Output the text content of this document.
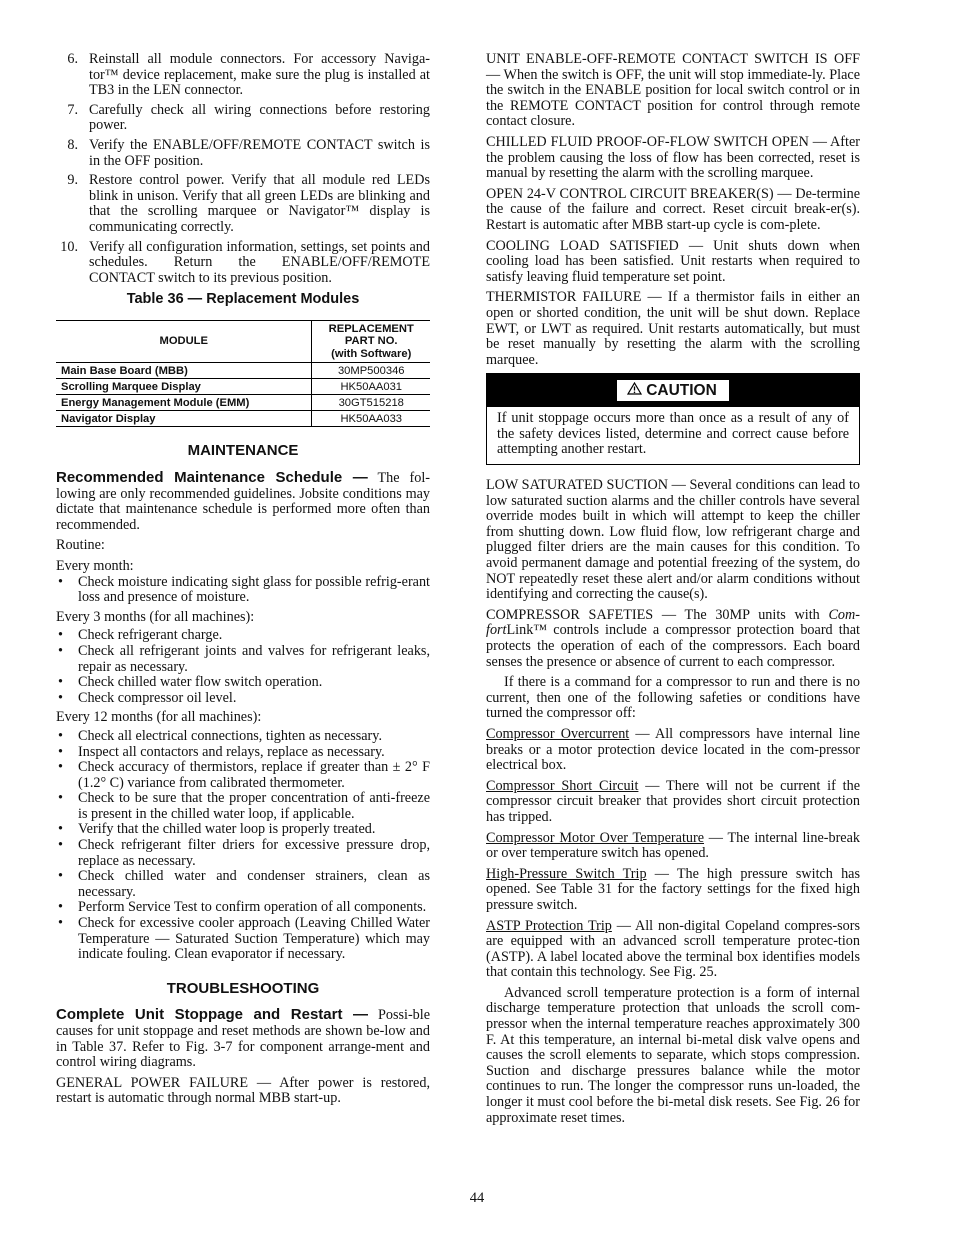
6. Reinstall all module connectors. For accessory Naviga-tor™ device replacement, make sure the plug is installed at TB3 in the LEN connector.
7. Carefully check all wiring connections before restoring power.
8. Verify the ENABLE/OFF/REMOTE CONTACT switch is in the OFF position.
9. Restore control power. Verify that all module red LEDs blink in unison. Verify that all green LEDs are blinking and that the scrolling marquee or Navigator™ display is communicating correctly.
10. Verify all configuration information, settings, set points and schedules. Return the ENABLE/OFF/REMOTE CONTACT switch to its previous position.
Table 36 — Replacement Modules
MODULE	REPLACEMENT
PART NO.
(with Software)

Main Base Board (MBB)	30MP500346
Scrolling Marquee Display	HK50AA031
Energy Management Module (EMM)	30GT515218
Navigator Display	HK50AA033
MAINTENANCE

Recommended Maintenance Schedule — The fol-lowing are only recommended guidelines. Jobsite conditions may dictate that maintenance schedule is performed more often than recommended.

Routine:

Every month:

• Check moisture indicating sight glass for possible refrig-erant loss and presence of moisture.

Every 3 months (for all machines):

• Check refrigerant charge.
• Check all refrigerant joints and valves for refrigerant leaks, repair as necessary.
• Check chilled water flow switch operation.
• Check compressor oil level.

Every 12 months (for all machines):

• Check all electrical connections, tighten as necessary.
• Inspect all contactors and relays, replace as necessary.
• Check accuracy of thermistors, replace if greater than ± 2° F (1.2° C) variance from calibrated thermometer.
• Check to be sure that the proper concentration of anti-freeze is present in the chilled water loop, if applicable.
• Verify that the chilled water loop is properly treated.
• Check refrigerant filter driers for excessive pressure drop, replace as necessary.
• Check chilled water and condenser strainers, clean as necessary.
• Perform Service Test to confirm operation of all components.
• Check for excessive cooler approach (Leaving Chilled Water Temperature — Saturated Suction Temperature) which may indicate fouling. Clean evaporator if necessary.
TROUBLESHOOTING

Complete Unit Stoppage and Restart — Possi-ble causes for unit stoppage and reset methods are shown be-low and in Table 37. Refer to Fig. 3-7 for component arrange-ment and control wiring diagrams.

GENERAL POWER FAILURE — After power is restored, restart is automatic through normal MBB start-up.

UNIT ENABLE-OFF-REMOTE CONTACT SWITCH IS OFF — When the switch is OFF, the unit will stop immediate-ly. Place the switch in the ENABLE position for local switch control or in the REMOTE CONTACT position for control through remote contact closure.

CHILLED FLUID PROOF-OF-FLOW SWITCH OPEN — After the problem causing the loss of flow has been corrected, reset is manual by resetting the alarm with the scrolling marquee.

OPEN 24-V CONTROL CIRCUIT BREAKER(S) — De-termine the cause of the failure and correct. Reset circuit break-er(s). Restart is automatic after MBB start-up cycle is com-plete.

COOLING LOAD SATISFIED — Unit shuts down when cooling load has been satisfied. Unit restarts when required to satisfy leaving fluid temperature set point.

THERMISTOR FAILURE — If a thermistor fails in either an open or shorted condition, the unit will be shut down. Replace EWT, or LWT as required. Unit restarts automatically, but must be reset manually by resetting the alarm with the scrolling marquee.

CAUTION
If unit stoppage occurs more than once as a result of any of the safety devices listed, determine and correct cause before attempting another restart.

LOW SATURATED SUCTION — Several conditions can lead to low saturated suction alarms and the chiller controls have several override modes built in which will attempt to keep the chiller from shutting down. Low fluid flow, low refrigerant charge and plugged filter driers are the main causes for this condition. To avoid permanent damage and potential freezing of the system, do NOT repeatedly reset these alert and/or alarm conditions without identifying and correcting the cause(s).

COMPRESSOR SAFETIES — The 30MP units with Com-fortLink™ controls include a compressor protection board that protects the operation of each of the compressors. Each board senses the presence or absence of current to each compressor.

If there is a command for a compressor to run and there is no current, then one of the following safeties or conditions have turned the compressor off:

Compressor Overcurrent — All compressors have internal line breaks or a motor protection device located in the com-pressor electrical box.

Compressor Short Circuit — There will not be current if the compressor circuit breaker that provides short circuit protection has tripped.

Compressor Motor Over Temperature — The internal line-break or over temperature switch has opened.

High-Pressure Switch Trip — The high pressure switch has opened. See Table 31 for the factory settings for the fixed high pressure switch.

ASTP Protection Trip — All non-digital Copeland compres-sors are equipped with an advanced scroll temperature protec-tion (ASTP). A label located above the terminal box identifies models that contain this technology. See Fig. 25.

Advanced scroll temperature protection is a form of internal discharge temperature protection that unloads the scroll com-pressor when the internal temperature reaches approximately 300 F. At this temperature, an internal bi-metal disk valve opens and causes the scroll elements to separate, which stops compression. Suction and discharge pressures balance while the motor continues to run. The longer the compressor runs un-loaded, the longer it must cool before the bi-metal disk resets. See Fig. 26 for approximate reset times.

44
